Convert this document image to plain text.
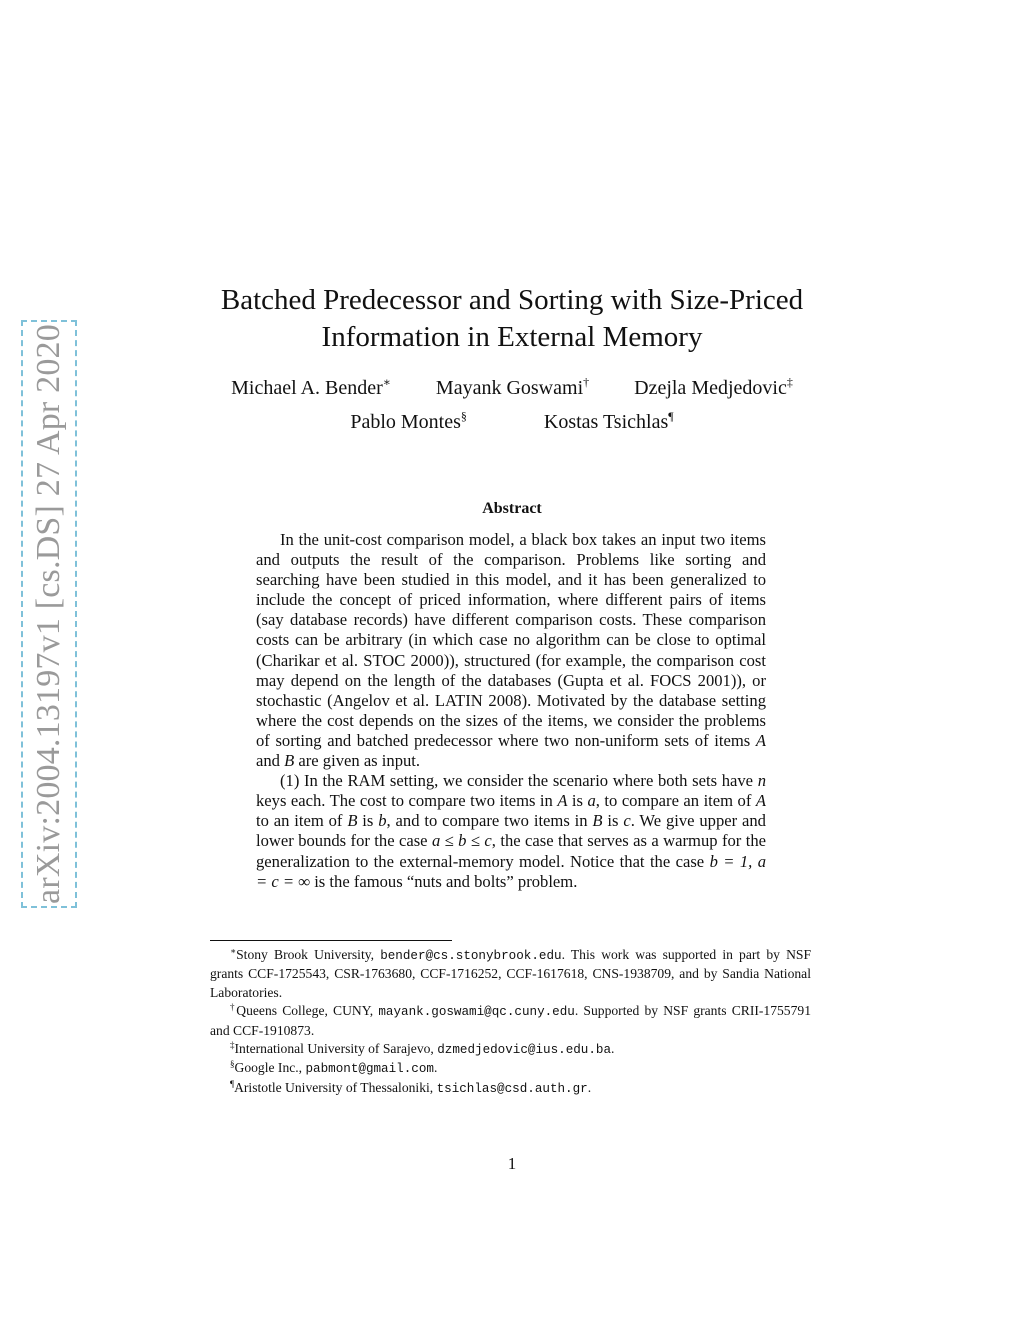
arXiv:2004.13197v1 [cs.DS] 27 Apr 2020
Batched Predecessor and Sorting with Size-Priced
Information in External Memory
Michael A. Bender∗ Mayank Goswami† Dzejla Medjedovic‡
Pablo Montes§	Kostas Tsichlas¶
Abstract

In the unit-cost comparison model, a black box takes an input two items and outputs the result of the comparison. Problems like sorting and searching have been studied in this model, and it has been generalized to include the concept of priced information, where different pairs of items (say database records) have different comparison costs. These comparison costs can be arbitrary (in which case no algorithm can be close to optimal (Charikar et al. STOC 2000)), structured (for example, the comparison cost may depend on the length of the databases (Gupta et al. FOCS 2001)), or stochastic (Angelov et al. LATIN 2008). Motivated by the database setting where the cost depends on the sizes of the items, we consider the problems of sorting and batched predecessor where two non-uniform sets of items A and B are given as input.

(1) In the RAM setting, we consider the scenario where both sets have n keys each. The cost to compare two items in A is a, to compare an item of A to an item of B is b, and to compare two items in B is c. We give upper and lower bounds for the case a ≤ b ≤ c, the case that serves as a warmup for the generalization to the external-memory model. Notice that the case b = 1, a = c = ∞ is the famous “nuts and bolts” problem.

∗Stony Brook University, bender@cs.stonybrook.edu. This work was supported in part by NSF grants CCF-1725543, CSR-1763680, CCF-1716252, CCF-1617618, CNS-1938709, and by Sandia National Laboratories.

†Queens College, CUNY, mayank.goswami@qc.cuny.edu. Supported by NSF grants CRII-1755791 and CCF-1910873.

‡International University of Sarajevo, dzmedjedovic@ius.edu.ba.

§Google Inc., pabmont@gmail.com.

¶Aristotle University of Thessaloniki, tsichlas@csd.auth.gr.

1
